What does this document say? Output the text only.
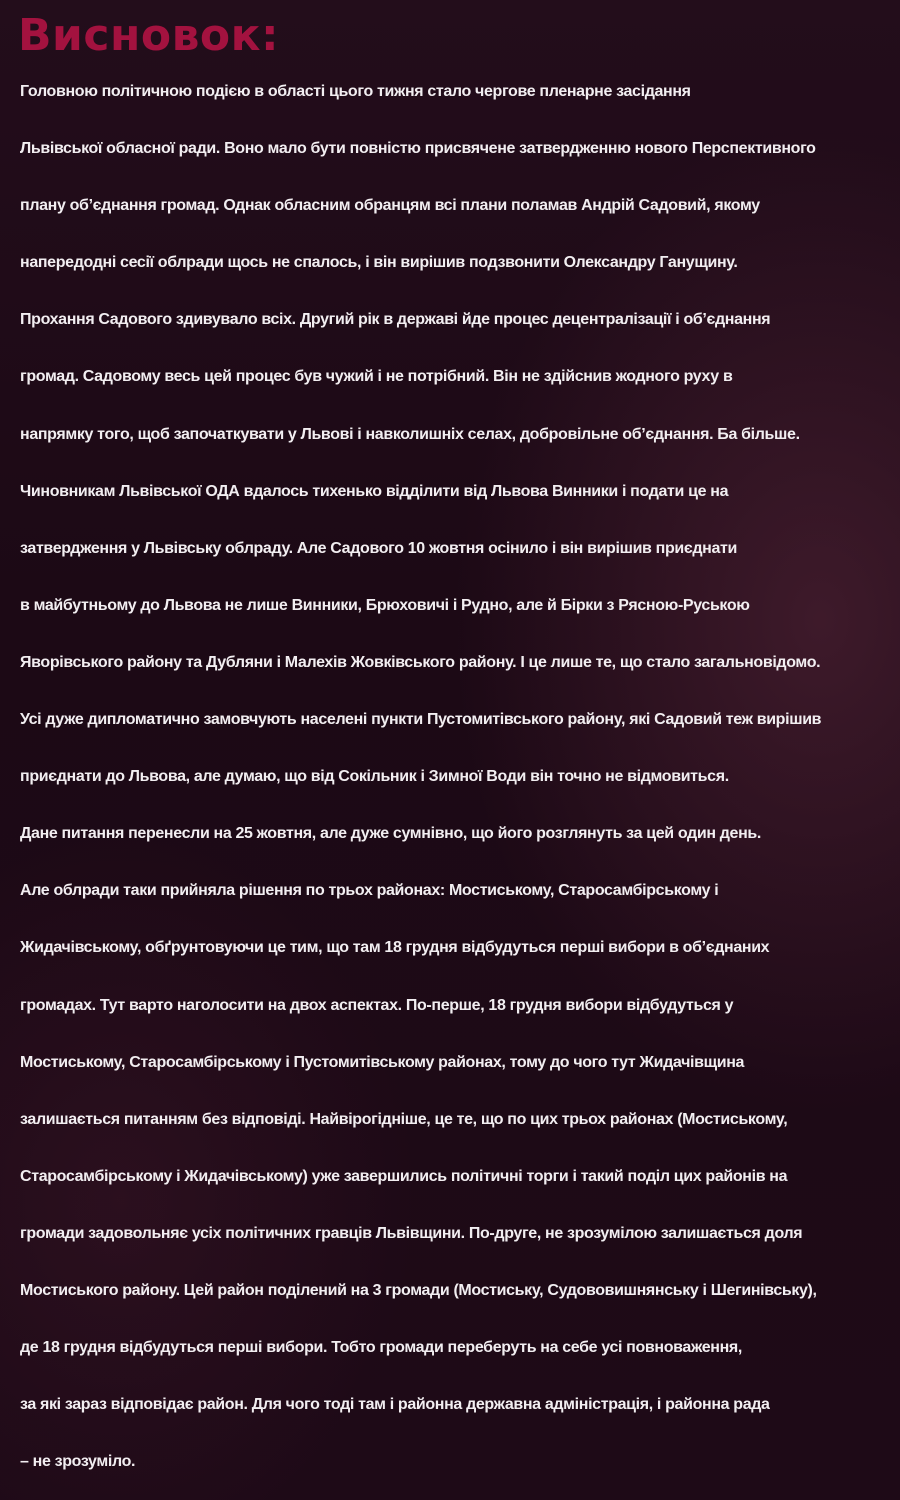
Висновок:
Головною політичною подією в області цього тижня стало чергове пленарне засідання
Львівської обласної ради. Воно мало бути повністю присвячене затвердженню нового Перспективного
плану об’єднання громад. Однак обласним обранцям всі плани поламав Андрій Садовий, якому
напередодні сесії облради щось не спалось, і він вирішив подзвонити Олександру Ганущину.
Прохання Садового здивувало всіх. Другий рік в державі йде процес децентралізації і об’єднання
громад. Садовому весь цей процес був чужий і не потрібний. Він не здійснив жодного руху в
напрямку того, щоб започаткувати у Львові і навколишніх селах, добровільне об’єднання. Ба більше.
Чиновникам Львівської ОДА вдалось тихенько відділити від Львова Винники і подати це на
затвердження у Львівську облраду. Але Садового 10 жовтня осінило і він вирішив приєднати
в майбутньому до Львова не лише Винники, Брюховичі і Рудно, але й Бірки з Рясною-Руською
Яворівського району та Дубляни і Малехів Жовківського району. І це лише те, що стало загальновідомо.
Усі дуже дипломатично замовчують населені пункти Пустомитівського району, які Садовий теж вирішив
приєднати до Львова, але думаю, що від Сокільник і Зимної Води він точно не відмовиться.
Дане питання перенесли на 25 жовтня, але дуже сумнівно, що його розглянуть за цей один день.
Але облради таки прийняла рішення по трьох районах: Мостиському, Старосамбірському і
Жидачівському, обґрунтовуючи це тим, що там 18 грудня відбудуться перші вибори в об’єднаних
громадах. Тут варто наголосити на двох аспектах. По-перше, 18 грудня вибори відбудуться у
Мостиському, Старосамбірському і Пустомитівському районах, тому до чого тут Жидачівщина
залишається питанням без відповіді. Найвірогідніше, це те, що по цих трьох районах (Мостиському,
Старосамбірському і Жидачівському) уже завершились політичні торги і такий поділ цих районів на
громади задовольняє усіх політичних гравців Львівщини. По-друге, не зрозумілою залишається доля
Мостиського району. Цей район поділений на 3 громади (Мостиську, Судововишнянську і Шегинівську),
де 18 грудня відбудуться перші вибори. Тобто громади переберуть на себе усі повноваження,
за які зараз відповідає район. Для чого тоді там і районна державна адміністрація, і районна рада
– не зрозуміло.
